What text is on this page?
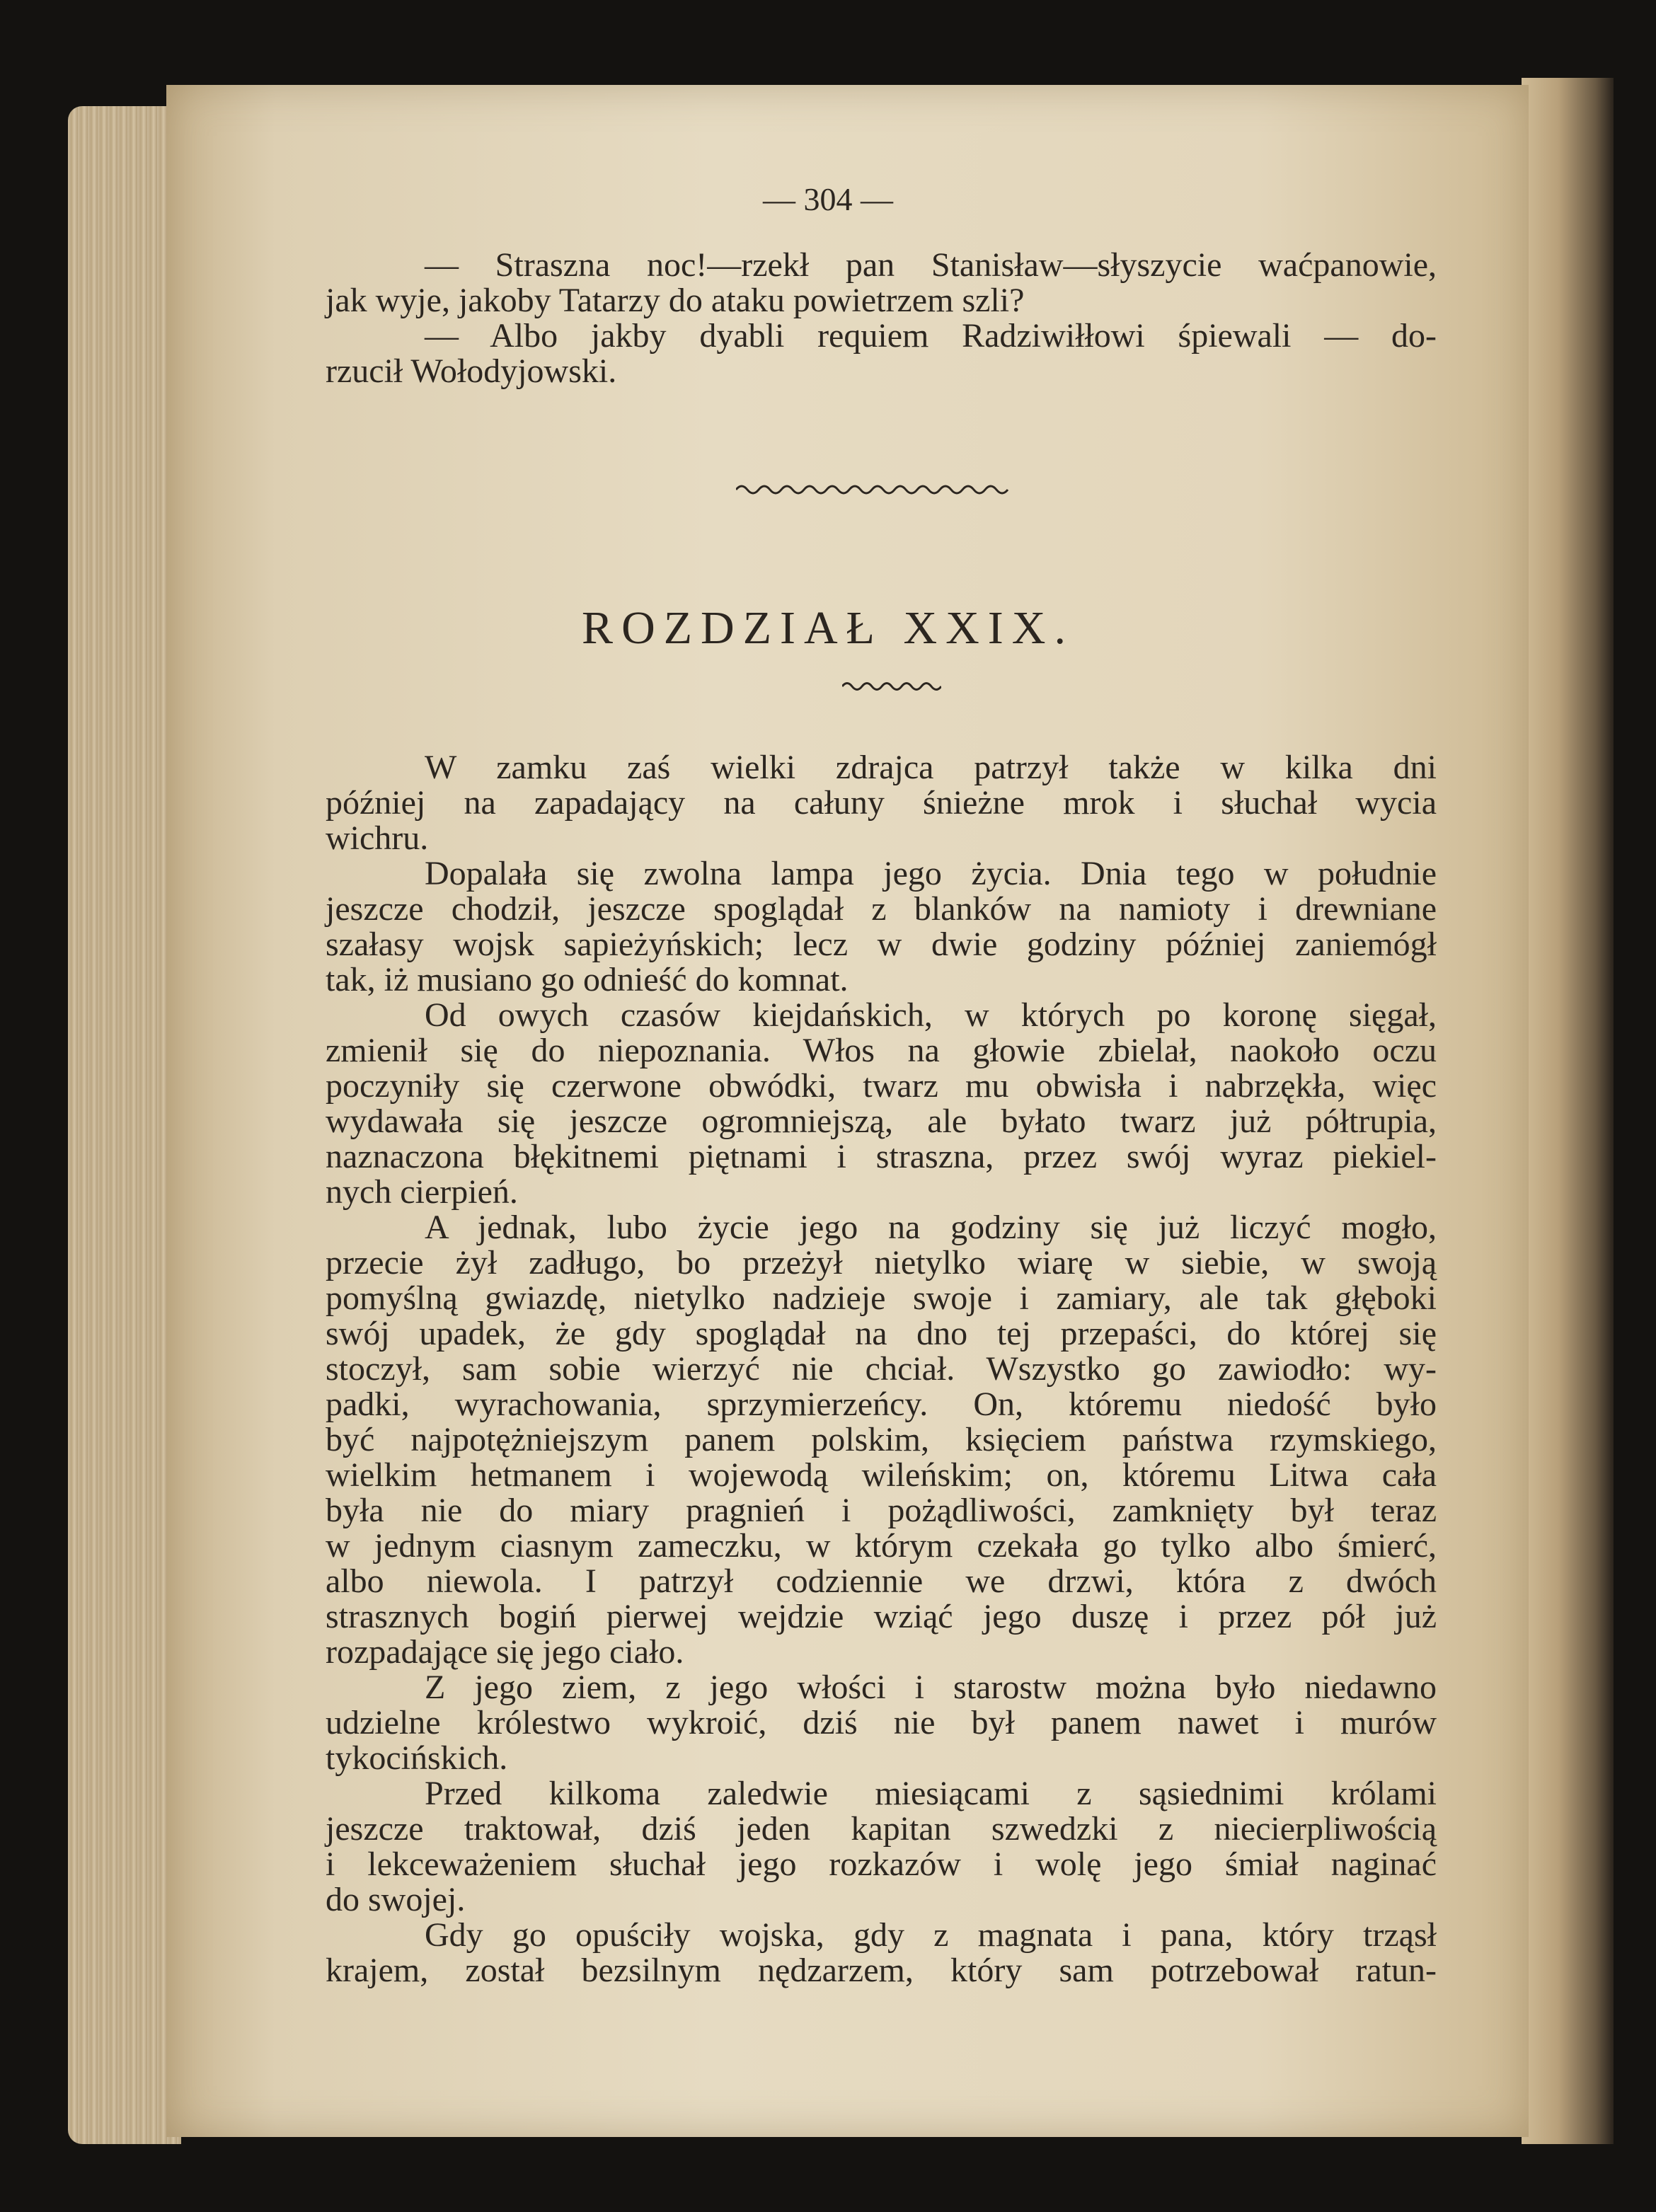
— 304 —
— Straszna noc!—rzekł pan Stanisław—słyszycie waćpanowie,
jak wyje, jakoby Tatarzy do ataku powietrzem szli?
— Albo jakby dyabli requiem Radziwiłłowi śpiewali — do-
rzucił Wołodyjowski.
ROZDZIAŁ XXIX.
W zamku zaś wielki zdrajca patrzył także w kilka dni
później na zapadający na całuny śnieżne mrok i słuchał wycia
wichru.
Dopalała się zwolna lampa jego życia. Dnia tego w południe
jeszcze chodził, jeszcze spoglądał z blanków na namioty i drewniane
szałasy wojsk sapieżyńskich; lecz w dwie godziny później zaniemógł
tak, iż musiano go odnieść do komnat.
Od owych czasów kiejdańskich, w których po koronę sięgał,
zmienił się do niepoznania. Włos na głowie zbielał, naokoło oczu
poczyniły się czerwone obwódki, twarz mu obwisła i nabrzękła, więc
wydawała się jeszcze ogromniejszą, ale byłato twarz już półtrupia,
naznaczona błękitnemi piętnami i straszna, przez swój wyraz piekiel-
nych cierpień.
A jednak, lubo życie jego na godziny się już liczyć mogło,
przecie żył zadługo, bo przeżył nietylko wiarę w siebie, w swoją
pomyślną gwiazdę, nietylko nadzieje swoje i zamiary, ale tak głęboki
swój upadek, że gdy spoglądał na dno tej przepaści, do której się
stoczył, sam sobie wierzyć nie chciał. Wszystko go zawiodło: wy-
padki, wyrachowania, sprzymierzeńcy. On, któremu niedość było
być najpotężniejszym panem polskim, księciem państwa rzymskiego,
wielkim hetmanem i wojewodą wileńskim; on, któremu Litwa cała
była nie do miary pragnień i pożądliwości, zamknięty był teraz
w jednym ciasnym zameczku, w którym czekała go tylko albo śmierć,
albo niewola. I patrzył codziennie we drzwi, która z dwóch
strasznych bogiń pierwej wejdzie wziąć jego duszę i przez pół już
rozpadające się jego ciało.
Z jego ziem, z jego włości i starostw można było niedawno
udzielne królestwo wykroić, dziś nie był panem nawet i murów
tykocińskich.
Przed kilkoma zaledwie miesiącami z sąsiednimi królami
jeszcze traktował, dziś jeden kapitan szwedzki z niecierpliwością
i lekceważeniem słuchał jego rozkazów i wolę jego śmiał naginać
do swojej.
Gdy go opuściły wojska, gdy z magnata i pana, który trząsł
krajem, został bezsilnym nędzarzem, który sam potrzebował ratun-
